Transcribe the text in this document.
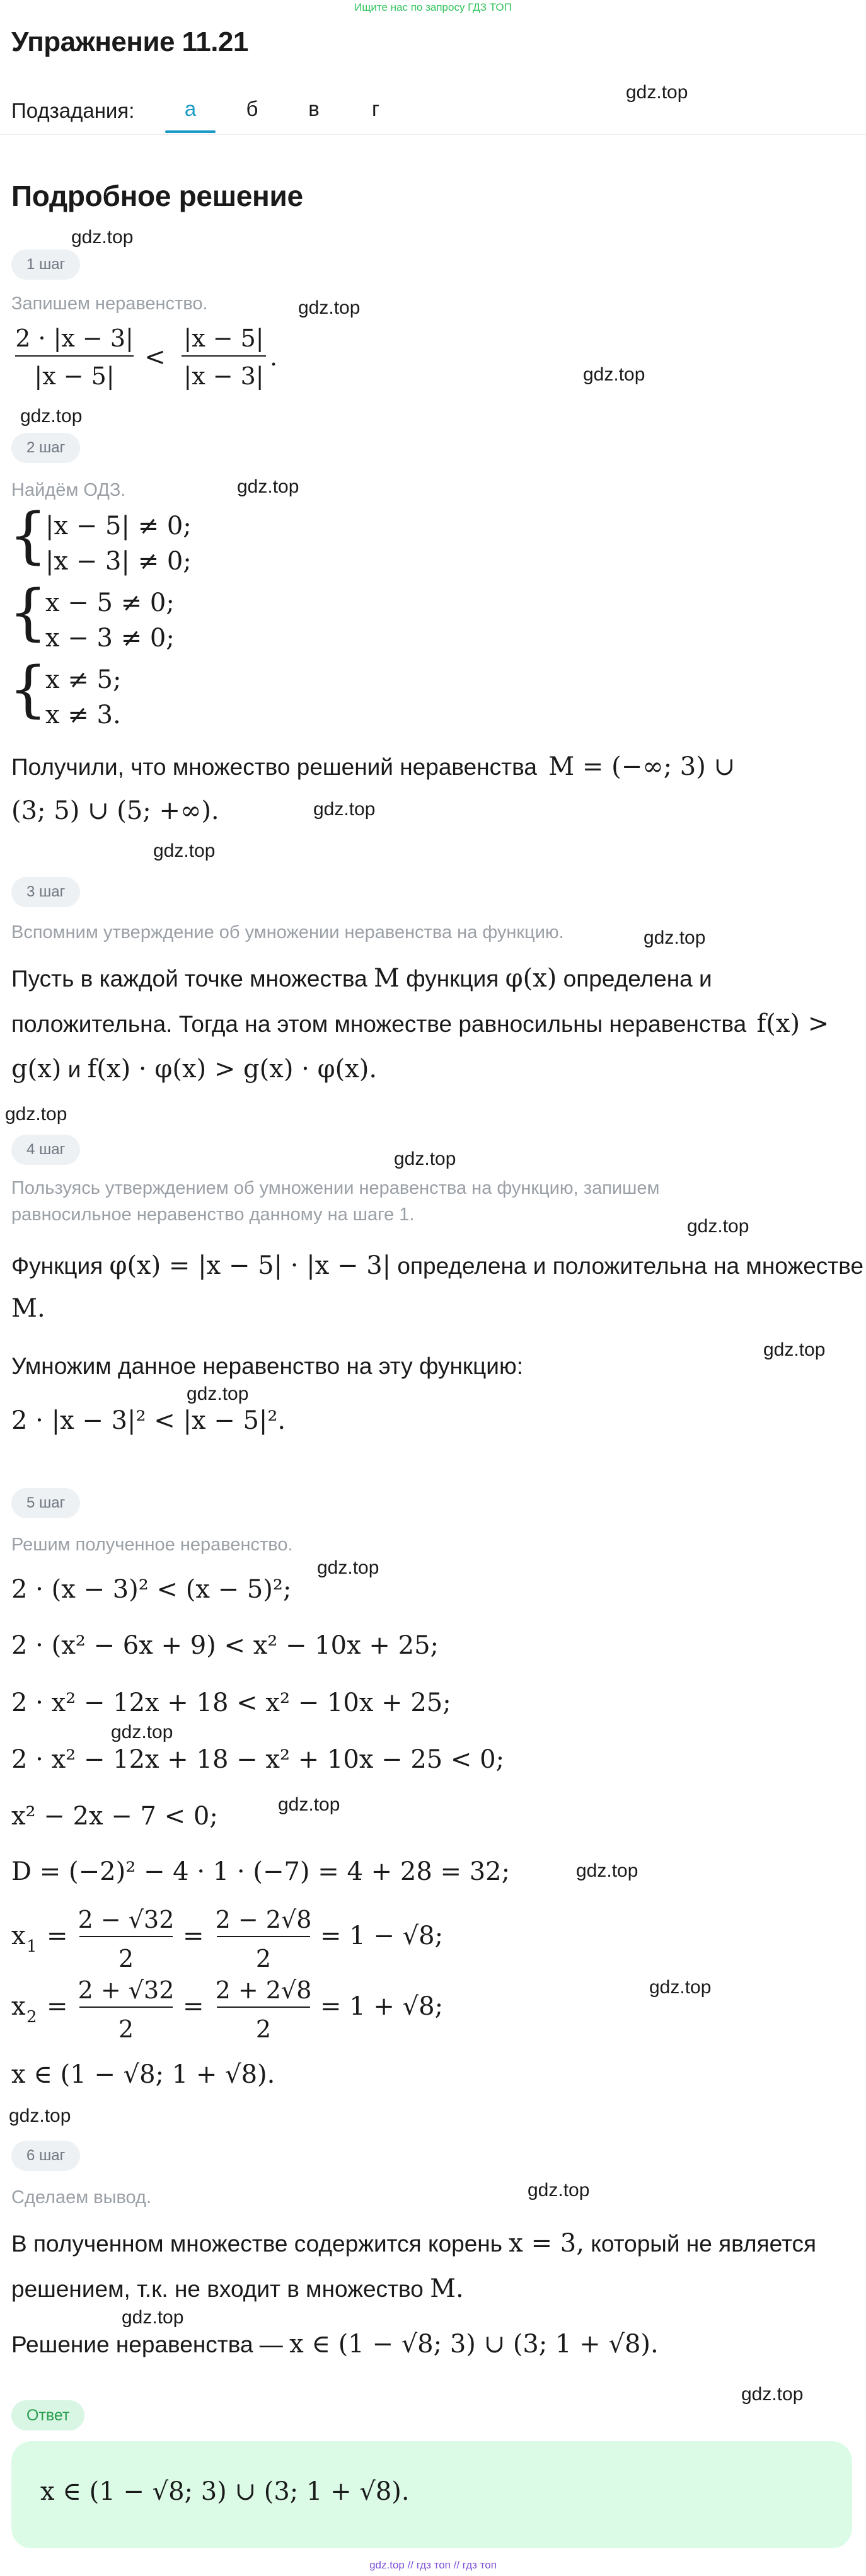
Ищите нас по запросу ГДЗ ТОП
Упражнение 11.21
Подзадания:	а	б	в	г
Подробное решение
gdz.top
gdz.top
gdz.top
gdz.top
gdz.top
gdz.top
gdz.top
gdz.top
gdz.top
gdz.top
gdz.top
gdz.top
gdz.top
gdz.top
gdz.top
gdz.top
gdz.top
gdz.top
gdz.top
gdz.top
gdz.top
gdz.top
gdz.top
1 шаг
Запишем неравенство.
2 · |x − 3|
|x − 5|
<
|x − 5|
|x − 3|
.
2 шаг
Найдём ОДЗ.
{
|x − 5| ≠ 0;
|x − 3| ≠ 0;
{
x − 5 ≠ 0;
x − 3 ≠ 0;
{
x ≠ 5;
x ≠ 3.
Получили, что множество решений неравенства M = (−∞; 3) ∪
(3; 5) ∪ (5; +∞).
3 шаг
Вспомним утверждение об умножении неравенства на функцию.
Пусть в каждой точке множества M функция φ(x) определена и
положительна. Тогда на этом множестве равносильны неравенства f(x) >
g(x) и f(x) · φ(x) > g(x) · φ(x).
4 шаг
Пользуясь утверждением об умножении неравенства на функцию, запишем
равносильное неравенство данному на шаге 1.
Функция φ(x) = |x − 5| · |x − 3| определена и положительна на множестве
M.
Умножим данное неравенство на эту функцию:
2 · |x − 3|² < |x − 5|².
5 шаг
Решим полученное неравенство.
2 · (x − 3)² < (x − 5)²;
2 · (x² − 6x + 9) < x² − 10x + 25;
2 · x² − 12x + 18 < x² − 10x + 25;
2 · x² − 12x + 18 − x² + 10x − 25 < 0;
x² − 2x − 7 < 0;
D = (−2)² − 4 · 1 · (−7) = 4 + 28 = 32;
x 1 =
2 − √32
2
=
2 − 2√8
2
= 1 − √8;
x 2 =
2 + √32
2
=
2 + 2√8
2
= 1 + √8;
x ∈ (1 − √8; 1 + √8).
6 шаг
Сделаем вывод.
В полученном множестве содержится корень x = 3, который не является
решением, т.к. не входит в множество M.
Решение неравенства — x ∈ (1 − √8; 3) ∪ (3; 1 + √8).
Ответ
x ∈ (1 − √8; 3) ∪ (3; 1 + √8).
gdz.top // гдз топ // гдз топ
